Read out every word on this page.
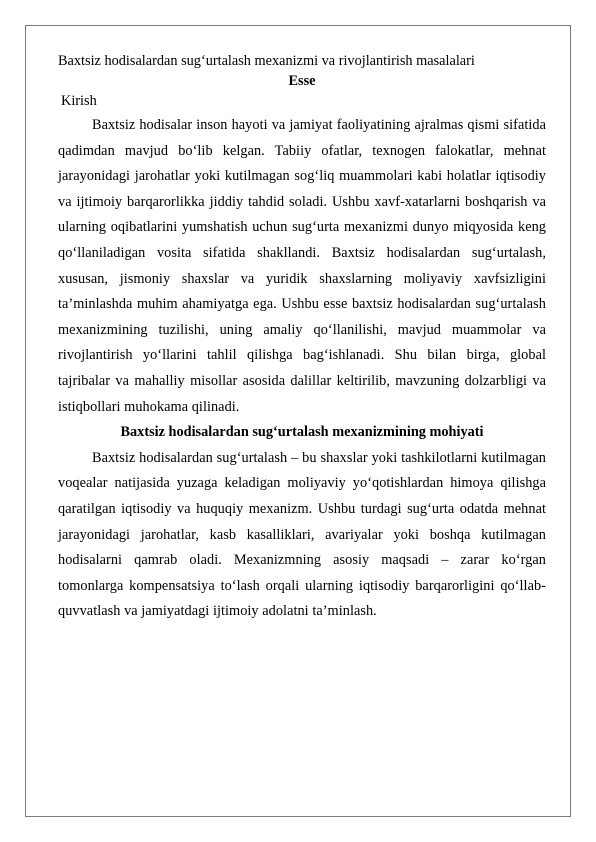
Baxtsiz hodisalardan sug‘urtalash mexanizmi va rivojlantirish masalalari

Esse

Kirish

Baxtsiz hodisalar inson hayoti va jamiyat faoliyatining ajralmas qismi sifatida qadimdan mavjud bo‘lib kelgan. Tabiiy ofatlar, texnogen falokatlar, mehnat jarayonidagi jarohatlar yoki kutilmagan sog‘liq muammolari kabi holatlar iqtisodiy va ijtimoiy barqarorlikka jiddiy tahdid soladi. Ushbu xavf-xatarlarni boshqarish va ularning oqibatlarini yumshatish uchun sug‘urta mexanizmi dunyo miqyosida keng qo‘llaniladigan vosita sifatida shakllandi. Baxtsiz hodisalardan sug‘urtalash, xususan, jismoniy shaxslar va yuridik shaxslarning moliyaviy xavfsizligini ta’minlashda muhim ahamiyatga ega. Ushbu esse baxtsiz hodisalardan sug‘urtalash mexanizmining tuzilishi, uning amaliy qo‘llanilishi, mavjud muammolar va rivojlantirish yo‘llarini tahlil qilishga bag‘ishlanadi. Shu bilan birga, global tajribalar va mahalliy misollar asosida dalillar keltirilib, mavzuning dolzarbligi va istiqbollari muhokama qilinadi.

Baxtsiz hodisalardan sug‘urtalash mexanizmining mohiyati

Baxtsiz hodisalardan sug‘urtalash – bu shaxslar yoki tashkilotlarni kutilmagan voqealar natijasida yuzaga keladigan moliyaviy yo‘qotishlardan himoya qilishga qaratilgan iqtisodiy va huquqiy mexanizm. Ushbu turdagi sug‘urta odatda mehnat jarayonidagi jarohatlar, kasb kasalliklari, avariyalar yoki boshqa kutilmagan hodisalarni qamrab oladi. Mexanizmning asosiy maqsadi – zarar ko‘rgan tomonlarga kompensatsiya to‘lash orqali ularning iqtisodiy barqarorligini qo‘llab-quvvatlash va jamiyatdagi ijtimoiy adolatni ta’minlash.
